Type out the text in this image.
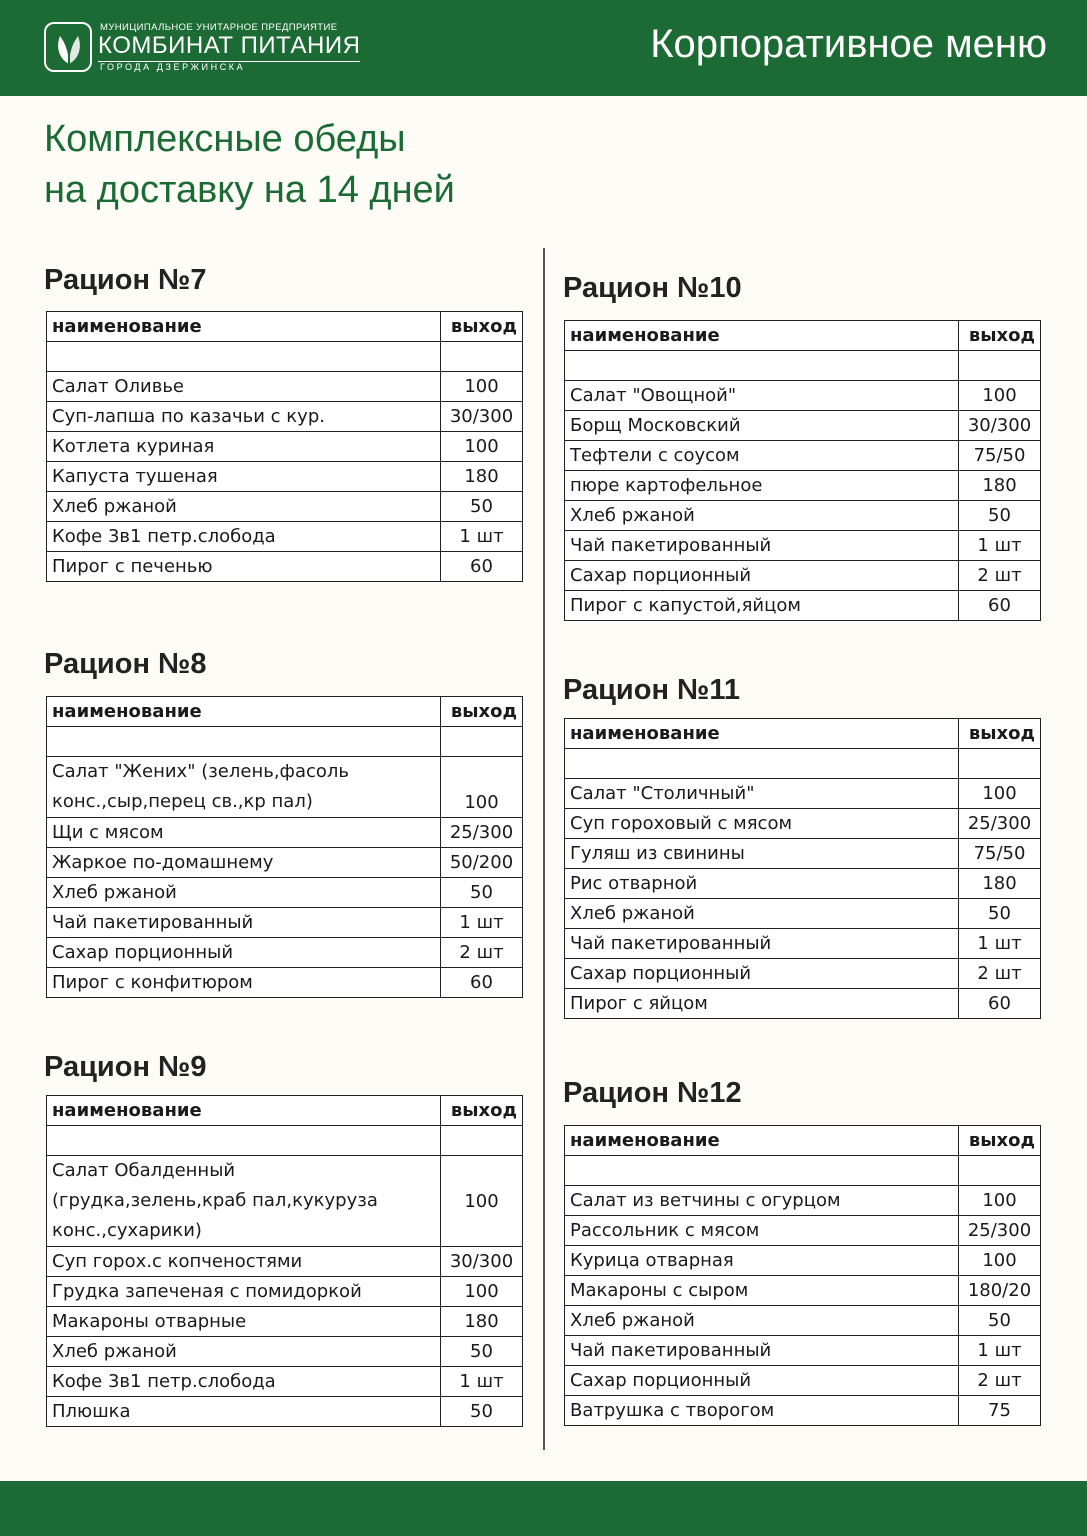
МУНИЦИПАЛЬНОЕ УНИТАРНОЕ ПРЕДПРИЯТИЕ
КОМБИНАТ ПИТАНИЯ
ГОРОДА ДЗЕРЖИНСКА
Корпоративное меню
Комплексные обеды
на доставку на 14 дней
Рацион №7
наименование	выход

Салат Оливье	100
Суп-лапша по казачьи с кур.	30/300
Котлета куриная	100
Капуста тушеная	180
Хлеб ржаной	50
Кофе 3в1 петр.слобода	1 шт
Пирог с печенью	60
Рацион №8
наименование	выход

Салат "Жених" (зелень,фасоль конс.,сыр,перец св.,кр пал)	100
Щи с мясом	25/300
Жаркое по-домашнему	50/200
Хлеб ржаной	50
Чай пакетированный	1 шт
Сахар порционный	2 шт
Пирог с конфитюром	60
Рацион №9
наименование	выход

Салат Обалденный (грудка,зелень,краб пал,кукуруза конс.,сухарики)	100
Суп горох.с копченостями	30/300
Грудка запеченая с помидоркой	100
Макароны отварные	180
Хлеб ржаной	50
Кофе 3в1 петр.слобода	1 шт
Плюшка	50
Рацион №10
наименование	выход

Салат "Овощной"	100
Борщ Московский	30/300
Тефтели с соусом	75/50
пюре картофельное	180
Хлеб ржаной	50
Чай пакетированный	1 шт
Сахар порционный	2 шт
Пирог с капустой,яйцом	60
Рацион №11
наименование	выход

Салат "Столичный"	100
Суп гороховый с мясом	25/300
Гуляш из свинины	75/50
Рис отварной	180
Хлеб ржаной	50
Чай пакетированный	1 шт
Сахар порционный	2 шт
Пирог с яйцом	60
Рацион №12
наименование	выход

Салат из ветчины с огурцом	100
Рассольник с мясом	25/300
Курица отварная	100
Макароны с сыром	180/20
Хлеб ржаной	50
Чай пакетированный	1 шт
Сахар порционный	2 шт
Ватрушка с творогом	75
